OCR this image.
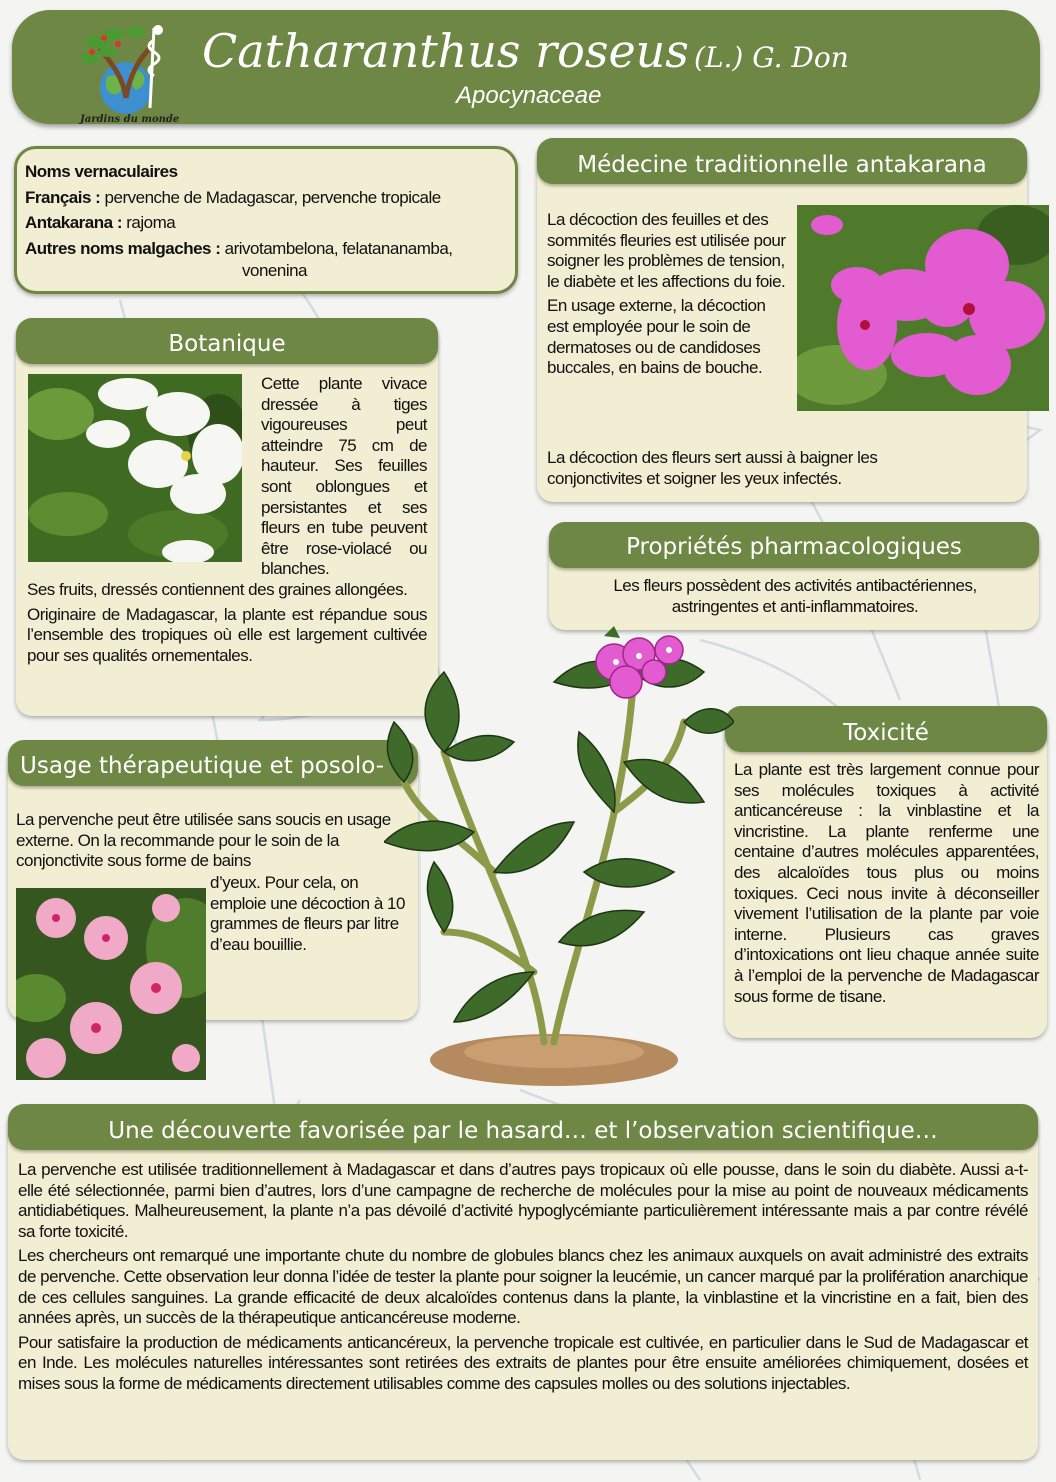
Jardins du monde
Catharanthus roseus (L.) G. Don
Apocynaceae
Noms vernaculaires
Français : pervenche de Madagascar, pervenche tropicale
Antakarana : rajoma
Autres noms malgaches : arivotambelona, felatananamba,
vonenina
Botanique
Cette plante vivace dressée à tiges vigoureuses peut atteindre 75 cm de hauteur. Ses feuilles sont oblongues et persistantes et ses fleurs en tube peuvent être rose-violacé ou blanches.

Ses fruits, dressés contiennent des graines allongées.

Originaire de Madagascar, la plante est répandue sous l’ensemble des tropiques où elle est largement cultivée pour ses qualités ornementales.

Médecine traditionnelle antakarana

La décoction des feuilles et des sommités fleuries est utilisée pour soigner les problèmes de tension, le diabète et les affections du foie.

En usage externe, la décoction est employée pour le soin de dermatoses ou de candidoses buccales, en bains de bouche.

La décoction des fleurs sert aussi à baigner les conjonctivites et soigner les yeux infectés.
Propriétés pharmacologiques
Les fleurs possèdent des activités antibactériennes,
astringentes et anti-inflammatoires.
Usage thérapeutique et posolo-
La pervenche peut être utilisée sans soucis en usage externe. On la recommande pour le soin de la conjonctivite sous forme de bains
d’yeux. Pour cela, on emploie une décoction à 10 grammes de fleurs par litre d’eau bouillie.
Toxicité
La plante est très largement connue pour ses molécules toxiques à activité anticancéreuse : la vinblastine et la vincristine. La plante renferme une centaine d’autres molécules apparentées, des alcaloïdes tous plus ou moins toxiques. Ceci nous invite à déconseiller vivement l’utilisation de la plante par voie interne. Plusieurs cas graves d’intoxications ont lieu chaque année suite à l’emploi de la pervenche de Madagascar sous forme de tisane.
Une découverte favorisée par le hasard… et l’observation scientifique…

La pervenche est utilisée traditionnellement à Madagascar et dans d’autres pays tropicaux où elle pousse, dans le soin du diabète. Aussi a-t-elle été sélectionnée, parmi bien d’autres, lors d’une campagne de recherche de molécules pour la mise au point de nouveaux médicaments antidiabétiques. Malheureusement, la plante n’a pas dévoilé d’activité hypoglycémiante particulièrement intéressante mais a par contre révélé sa forte toxicité.

Les chercheurs ont remarqué une importante chute du nombre de globules blancs chez les animaux auxquels on avait administré des extraits de pervenche. Cette observation leur donna l’idée de tester la plante pour soigner la leucémie, un cancer marqué par la prolifération anarchique de ces cellules sanguines. La grande efficacité de deux alcaloïdes contenus dans la plante, la vinblastine et la vincristine en a fait, bien des années après, un succès de la thérapeutique anticancéreuse moderne.

Pour satisfaire la production de médicaments anticancéreux, la pervenche tropicale est cultivée, en particulier dans le Sud de Madagascar et en Inde. Les molécules naturelles intéressantes sont retirées des extraits de plantes pour être ensuite améliorées chimiquement, dosées et mises sous la forme de médicaments directement utilisables comme des capsules molles ou des solutions injectables.
